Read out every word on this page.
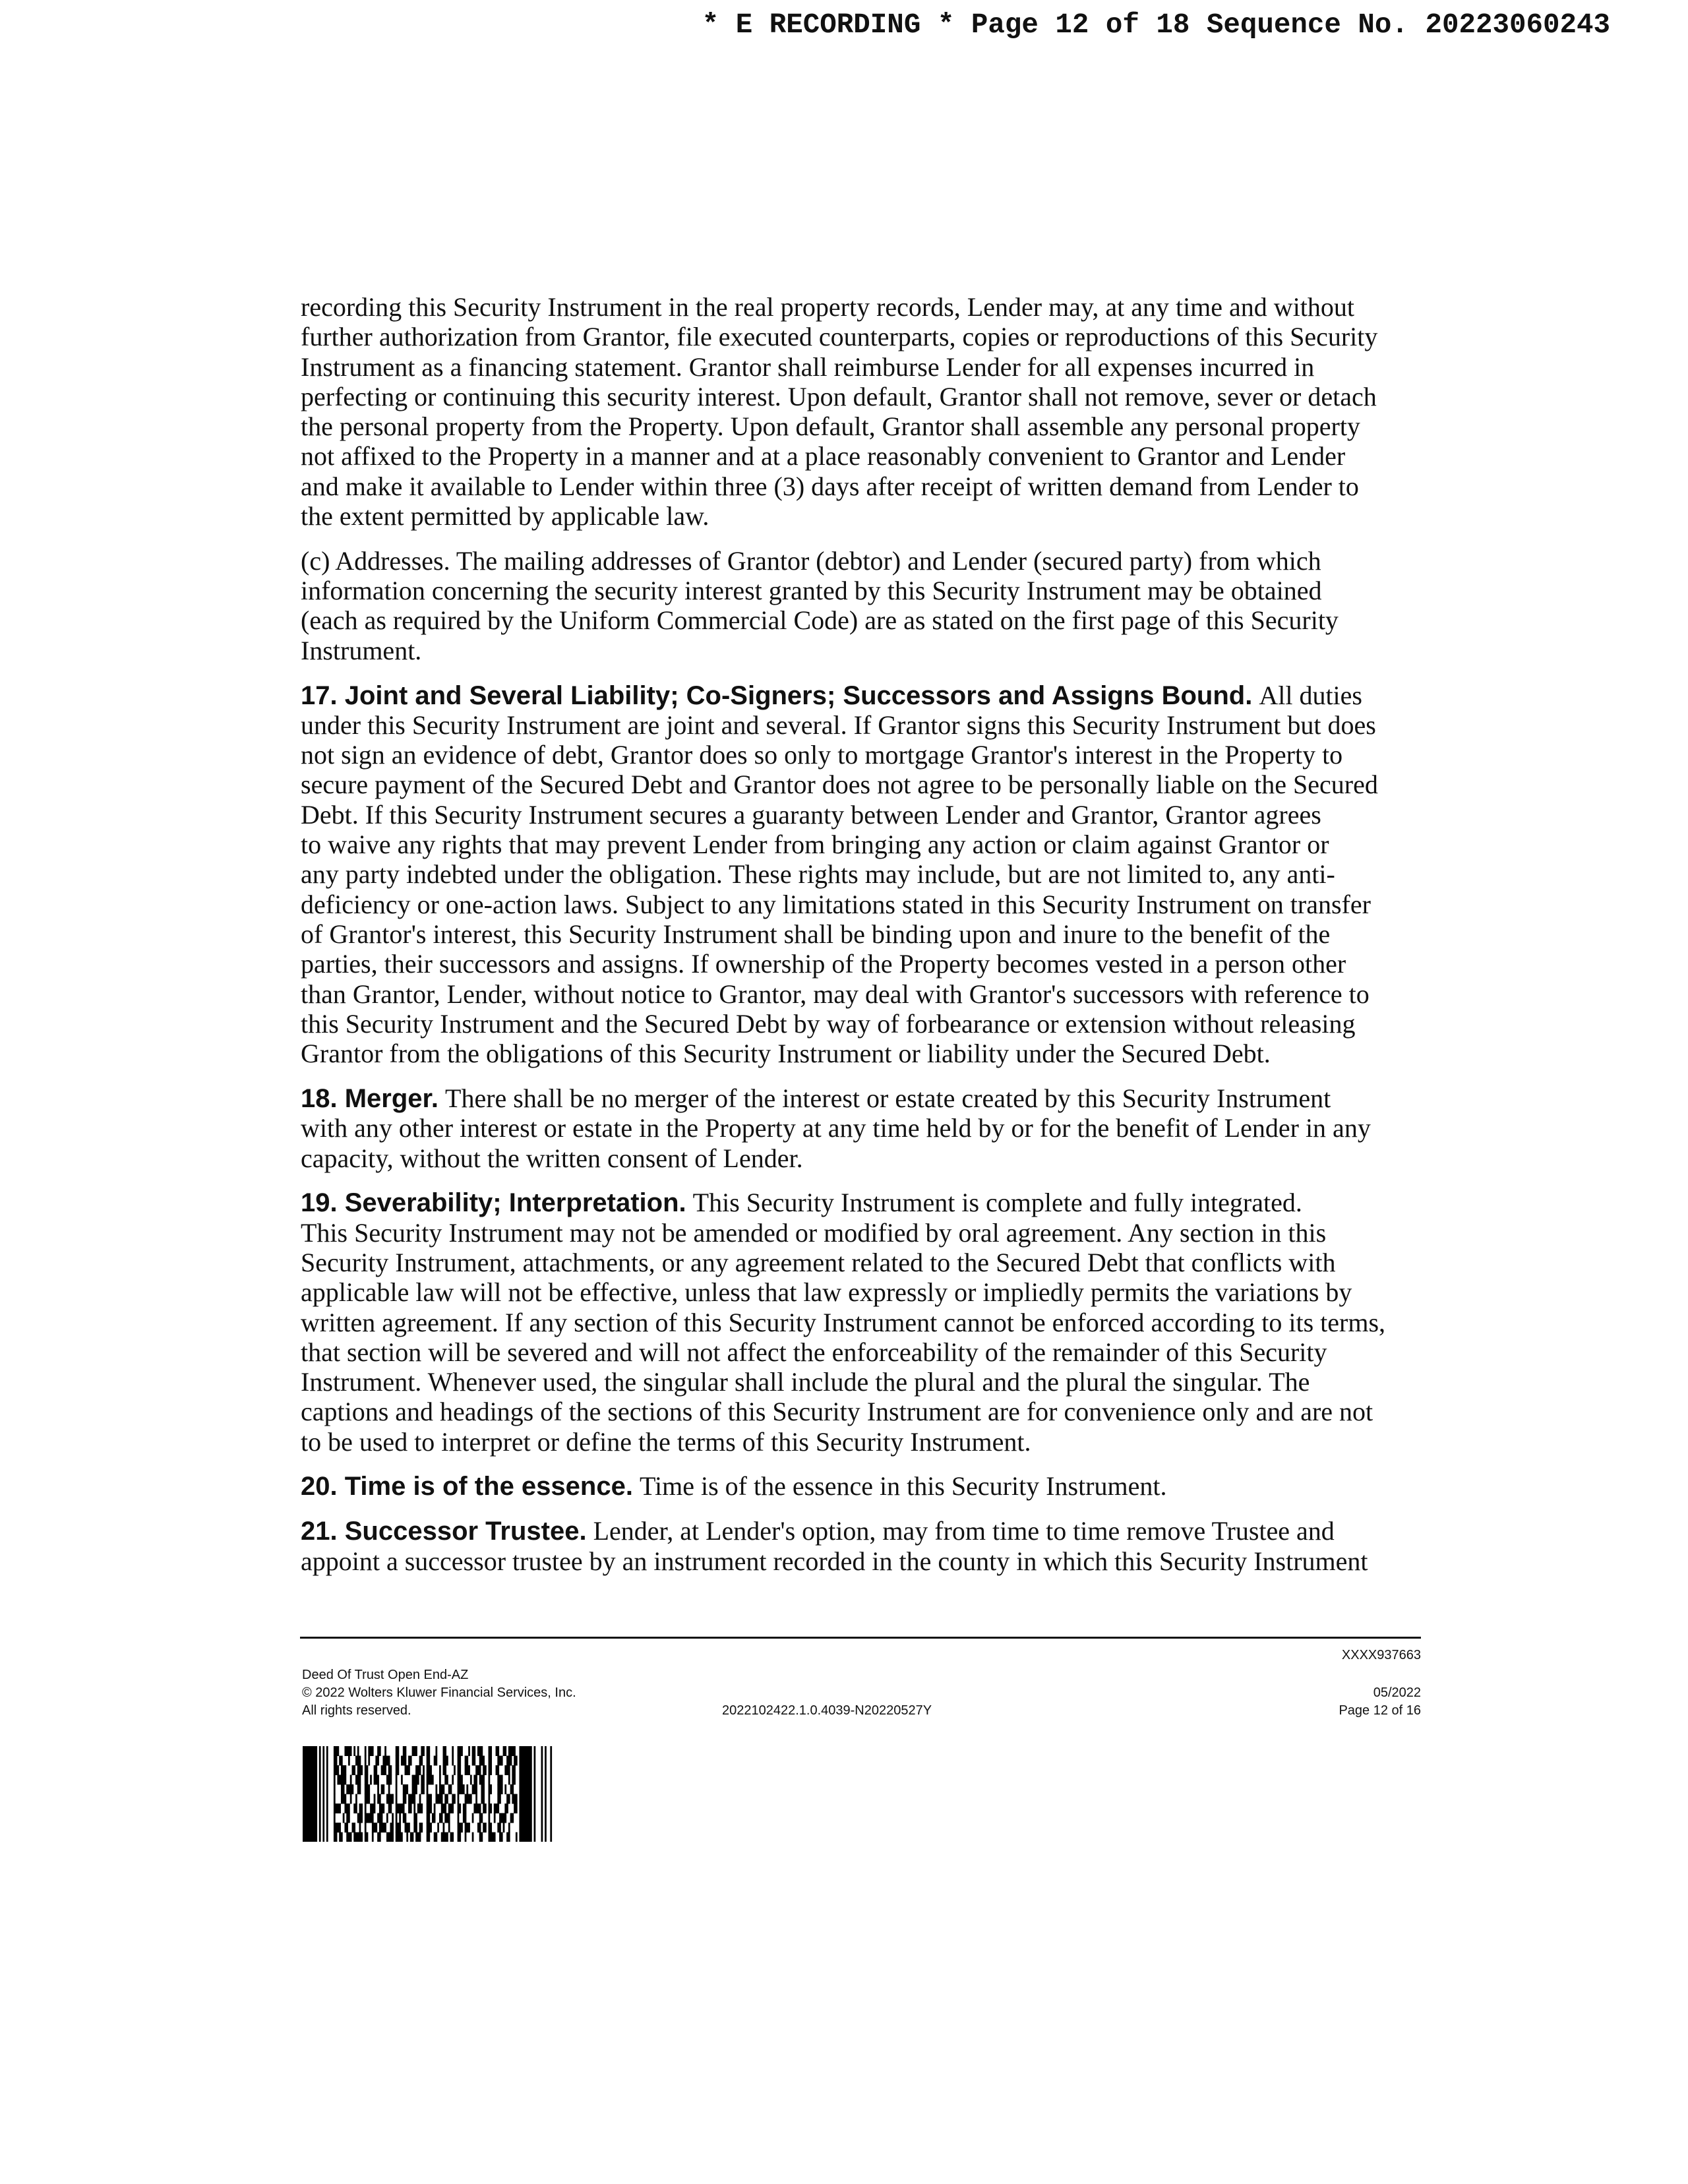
* E RECORDING * Page 12 of 18 Sequence No. 20223060243
recording this Security Instrument in the real property records, Lender may, at any time and without
further authorization from Grantor, file executed counterparts, copies or reproductions of this Security
Instrument as a financing statement. Grantor shall reimburse Lender for all expenses incurred in
perfecting or continuing this security interest. Upon default, Grantor shall not remove, sever or detach
the personal property from the Property. Upon default, Grantor shall assemble any personal property
not affixed to the Property in a manner and at a place reasonably convenient to Grantor and Lender
and make it available to Lender within three (3) days after receipt of written demand from Lender to
the extent permitted by applicable law.
(c) Addresses. The mailing addresses of Grantor (debtor) and Lender (secured party) from which
information concerning the security interest granted by this Security Instrument may be obtained
(each as required by the Uniform Commercial Code) are as stated on the first page of this Security
Instrument.
17. Joint and Several Liability; Co-Signers; Successors and Assigns Bound. All duties
under this Security Instrument are joint and several. If Grantor signs this Security Instrument but does
not sign an evidence of debt, Grantor does so only to mortgage Grantor's interest in the Property to
secure payment of the Secured Debt and Grantor does not agree to be personally liable on the Secured
Debt. If this Security Instrument secures a guaranty between Lender and Grantor, Grantor agrees
to waive any rights that may prevent Lender from bringing any action or claim against Grantor or
any party indebted under the obligation. These rights may include, but are not limited to, any anti-
deficiency or one-action laws. Subject to any limitations stated in this Security Instrument on transfer
of Grantor's interest, this Security Instrument shall be binding upon and inure to the benefit of the
parties, their successors and assigns. If ownership of the Property becomes vested in a person other
than Grantor, Lender, without notice to Grantor, may deal with Grantor's successors with reference to
this Security Instrument and the Secured Debt by way of forbearance or extension without releasing
Grantor from the obligations of this Security Instrument or liability under the Secured Debt.
18. Merger. There shall be no merger of the interest or estate created by this Security Instrument
with any other interest or estate in the Property at any time held by or for the benefit of Lender in any
capacity, without the written consent of Lender.
19. Severability; Interpretation. This Security Instrument is complete and fully integrated.
This Security Instrument may not be amended or modified by oral agreement. Any section in this
Security Instrument, attachments, or any agreement related to the Secured Debt that conflicts with
applicable law will not be effective, unless that law expressly or impliedly permits the variations by
written agreement. If any section of this Security Instrument cannot be enforced according to its terms,
that section will be severed and will not affect the enforceability of the remainder of this Security
Instrument. Whenever used, the singular shall include the plural and the plural the singular. The
captions and headings of the sections of this Security Instrument are for convenience only and are not
to be used to interpret or define the terms of this Security Instrument.
20. Time is of the essence. Time is of the essence in this Security Instrument.
21. Successor Trustee. Lender, at Lender's option, may from time to time remove Trustee and
appoint a successor trustee by an instrument recorded in the county in which this Security Instrument
XXXX937663
Deed Of Trust Open End-AZ
© 2022 Wolters Kluwer Financial Services, Inc.
All rights reserved.	2022102422.1.0.4039-N20220527Y
05/2022
Page 12 of 16
